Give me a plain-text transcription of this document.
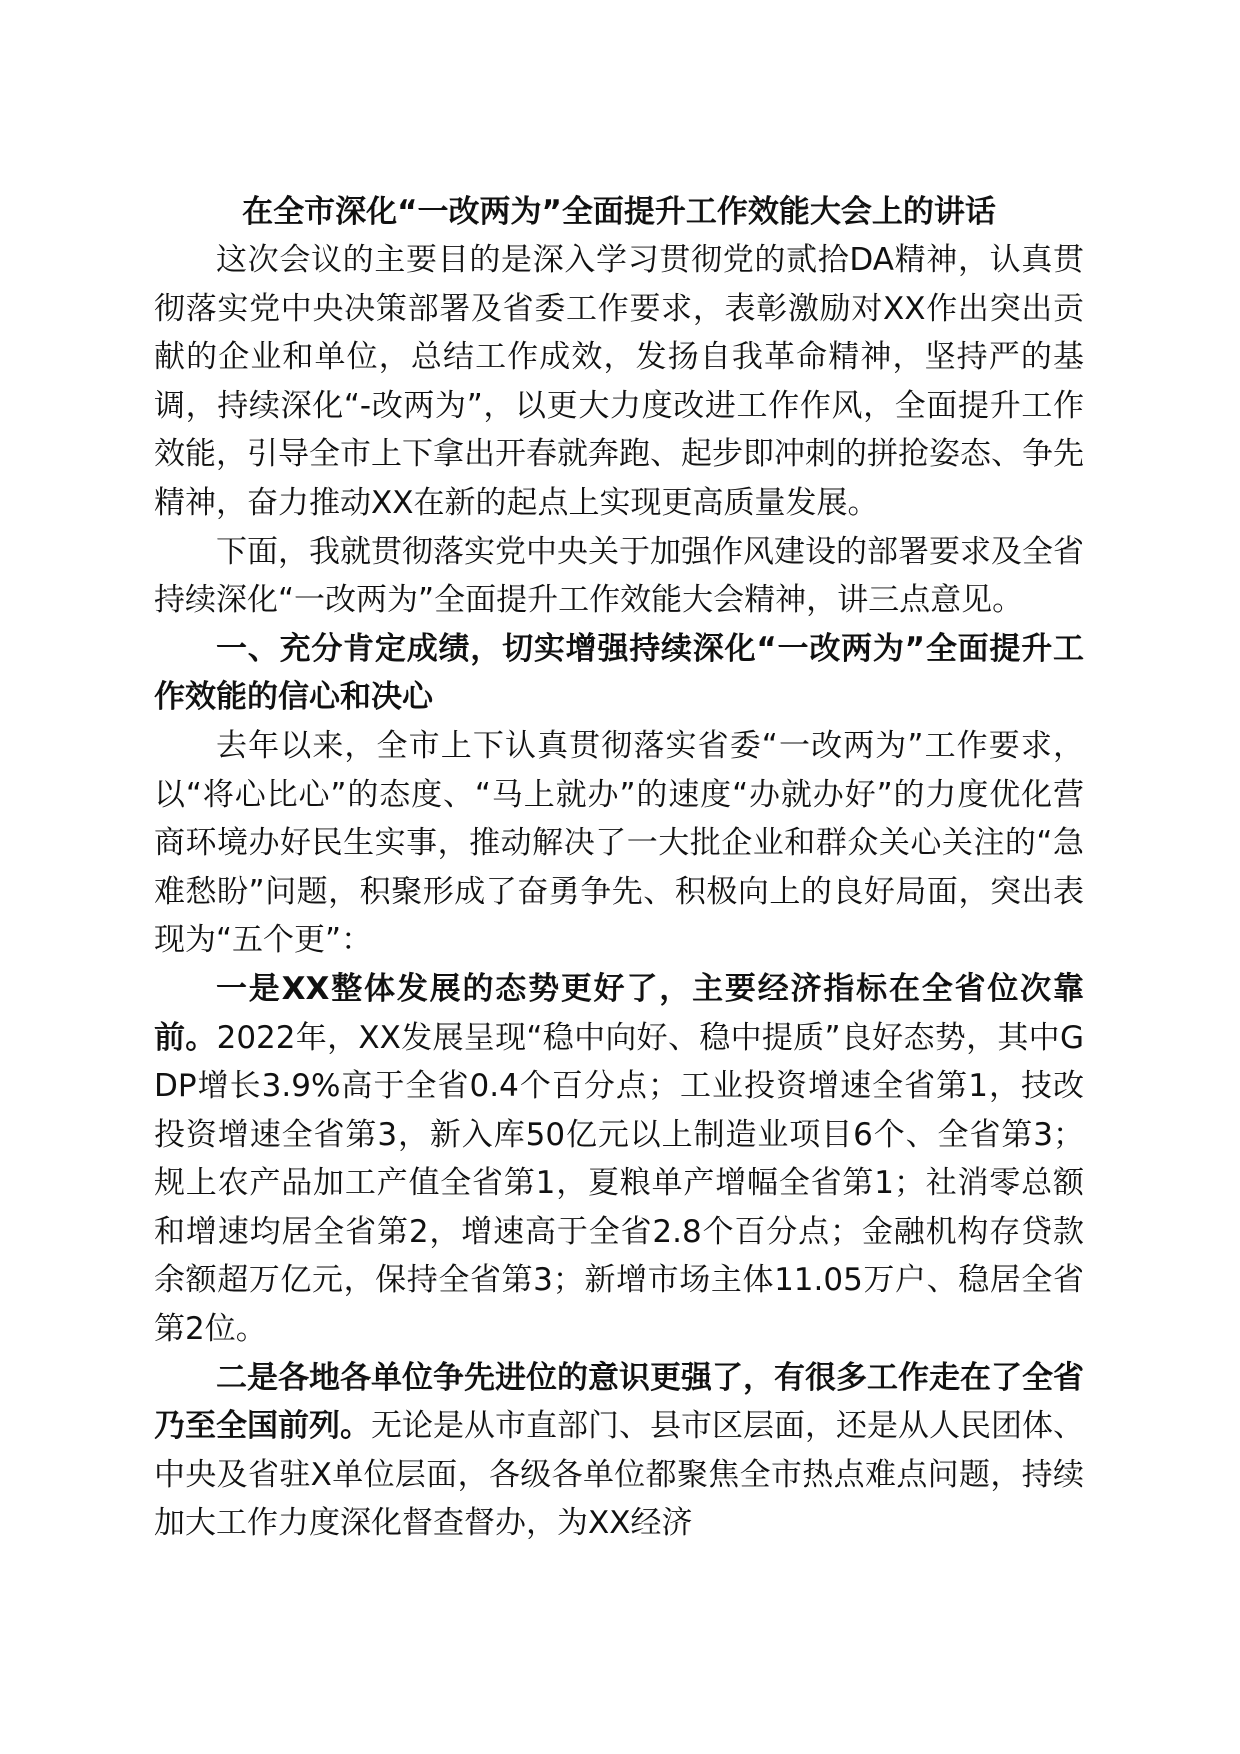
在全市深化“一改两为”全面提升工作效能大会上的讲话

这次会议的主要目的是深入学习贯彻党的贰拾DA精神，认真贯彻落实党中央决策部署及省委工作要求，表彰激励对XX作出突出贡献的企业和单位，总结工作成效，发扬自我革命精神，坚持严的基调，持续深化“-改两为”，以更大力度改进工作作风，全面提升工作效能，引导全市上下拿出开春就奔跑、起步即冲刺的拼抢姿态、争先精神，奋力推动XX在新的起点上实现更高质量发展。

下面，我就贯彻落实党中央关于加强作风建设的部署要求及全省持续深化“一改两为”全面提升工作效能大会精神，讲三点意见。

一、充分肯定成绩，切实增强持续深化“一改两为”全面提升工作效能的信心和决心

去年以来，全市上下认真贯彻落实省委“一改两为”工作要求，以“将心比心”的态度、“马上就办”的速度“办就办好”的力度优化营商环境办好民生实事，推动解决了一大批企业和群众关心关注的“急难愁盼”问题，积聚形成了奋勇争先、积极向上的良好局面，突出表现为“五个更”：

一是XX整体发展的态势更好了，主要经济指标在全省位次靠前。2022年，XX发展呈现“稳中向好、稳中提质”良好态势，其中GDP增长3.9%高于全省0.4个百分点；工业投资增速全省第1，技改投资增速全省第3，新入库50亿元以上制造业项目6个、全省第3；规上农产品加工产值全省第1，夏粮单产增幅全省第1；社消零总额和增速均居全省第2，增速高于全省2.8个百分点；金融机构存贷款余额超万亿元，保持全省第3；新增市场主体11.05万户、稳居全省第2位。

二是各地各单位争先进位的意识更强了，有很多工作走在了全省乃至全国前列。无论是从市直部门、县市区层面，还是从人民团体、中央及省驻X单位层面，各级各单位都聚焦全市热点难点问题，持续加大工作力度深化督查督办，为XX经济
